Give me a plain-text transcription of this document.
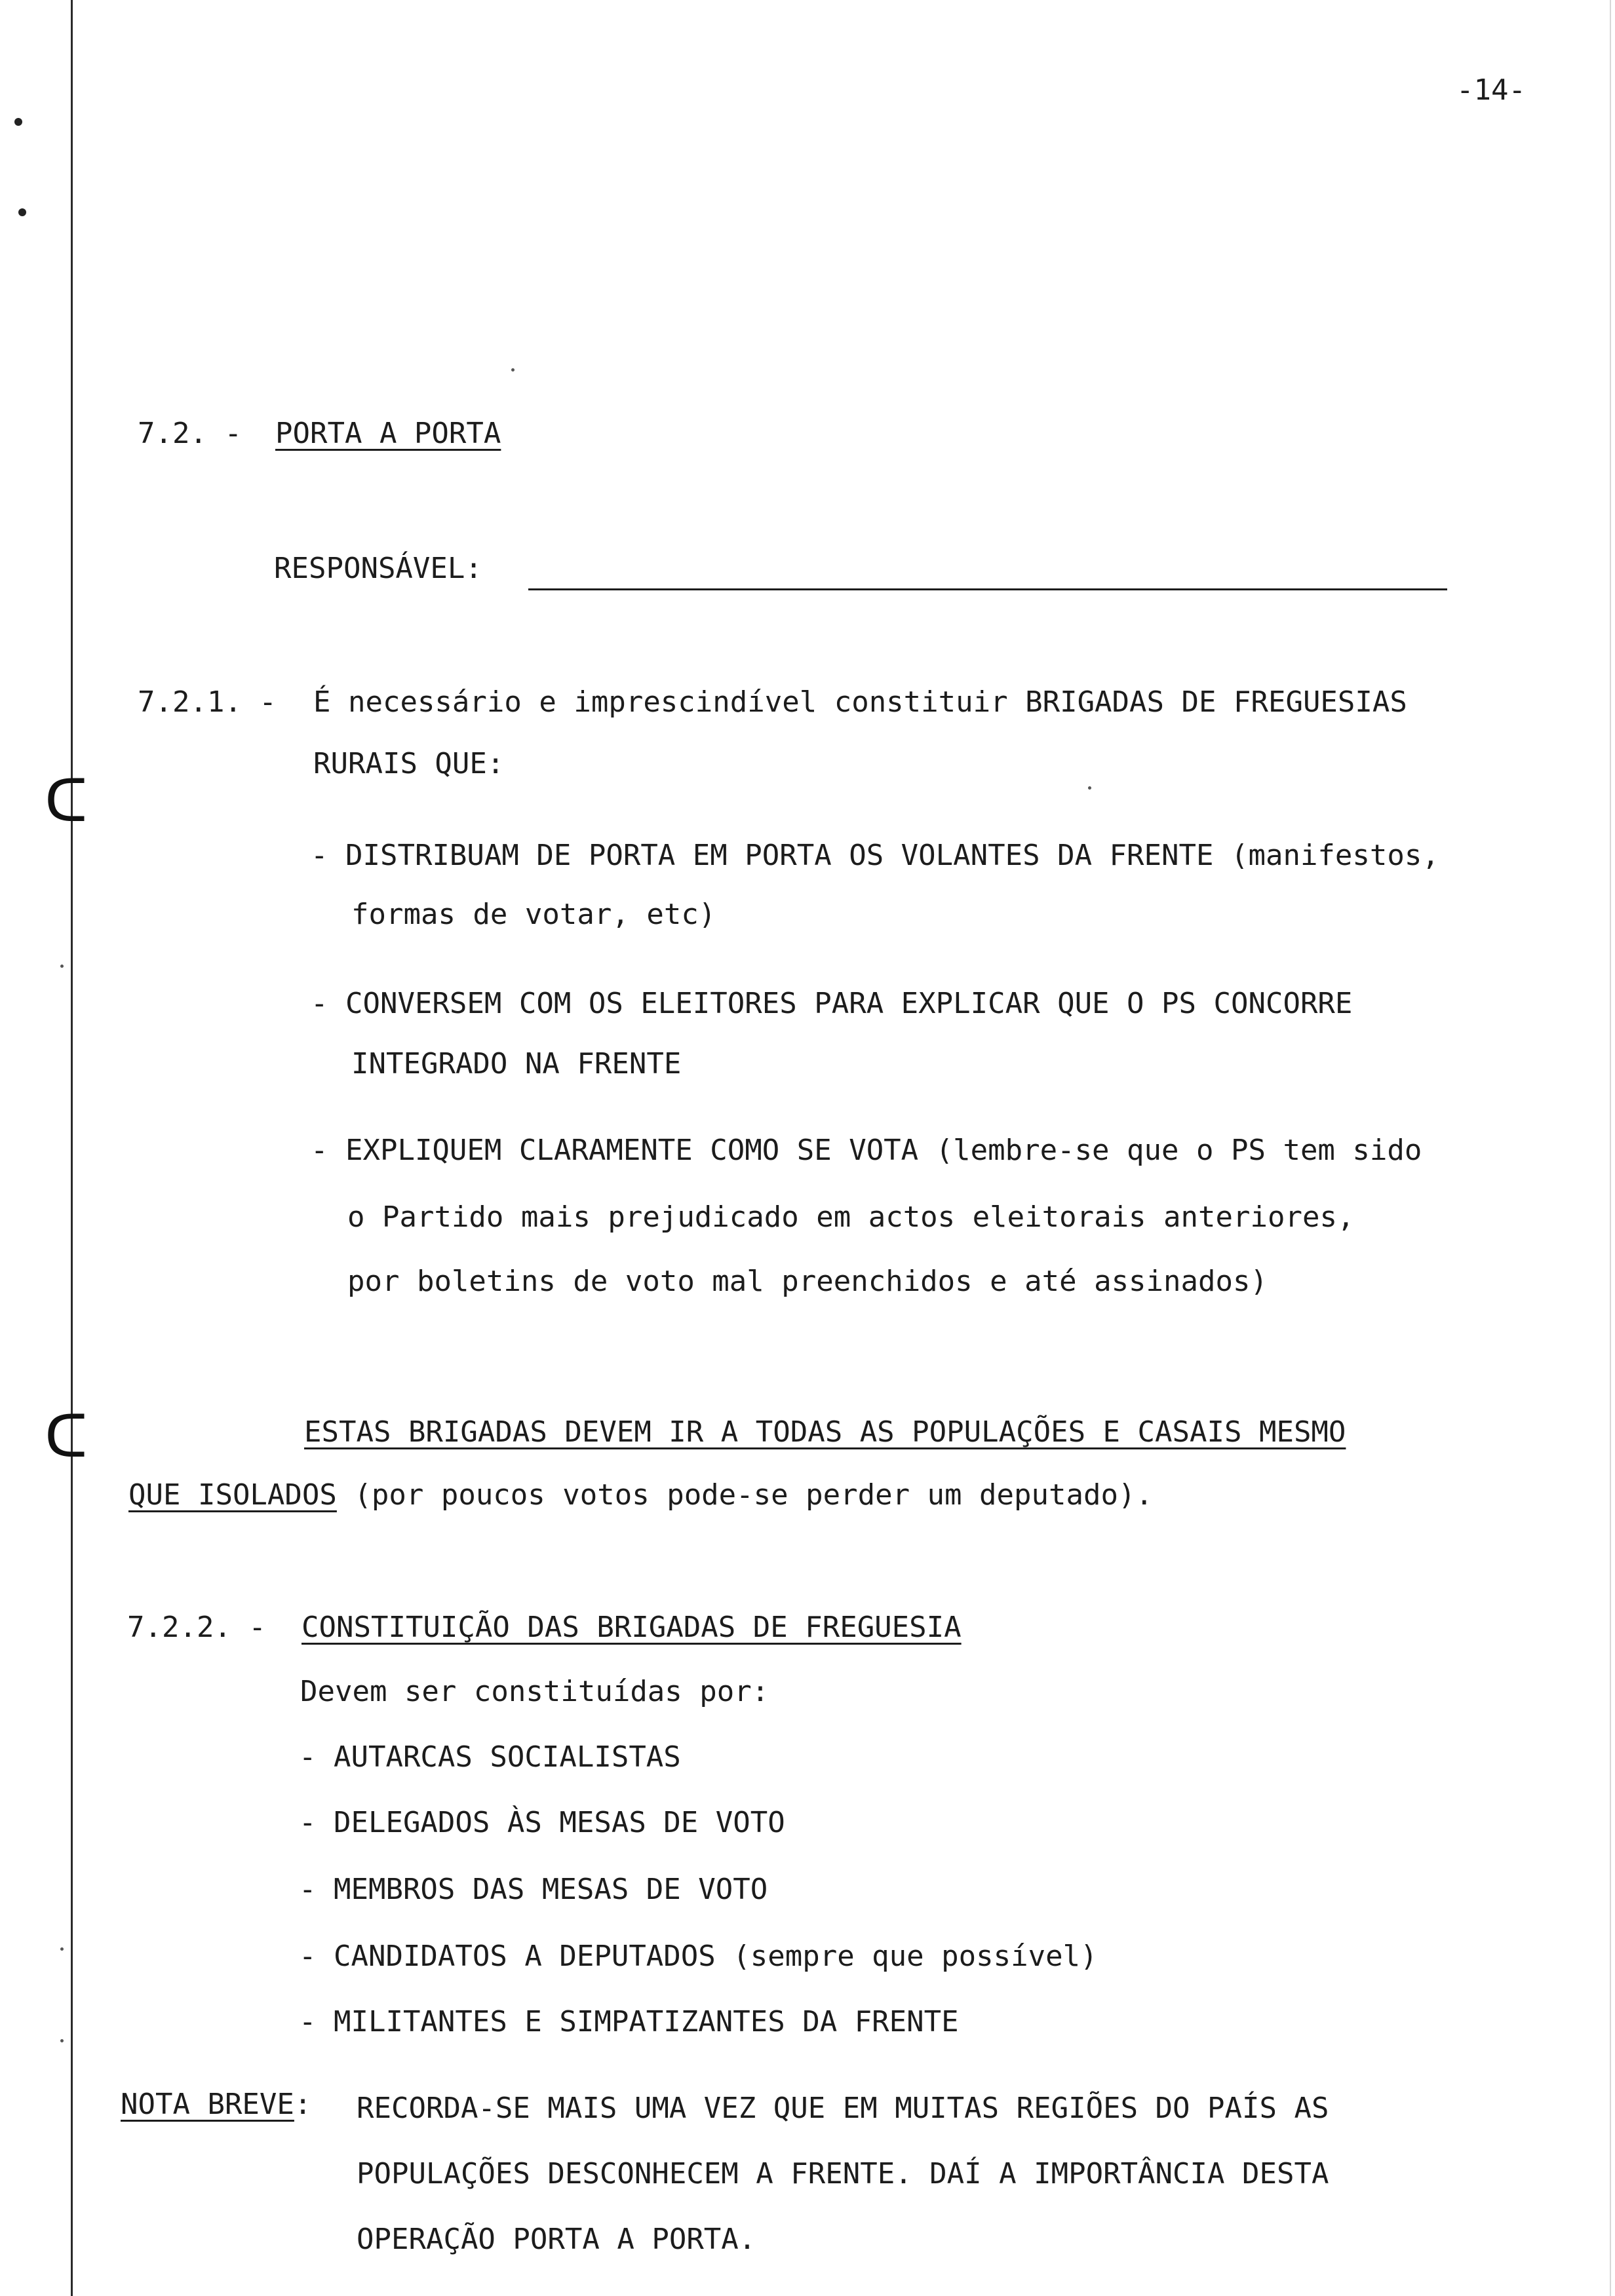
ᑕ
ᑕ
-14-
7.2. - PORTA A PORTA
RESPONSÁVEL:
7.2.1. - É necessário e imprescindível constituir BRIGADAS DE FREGUESIAS
RURAIS QUE:
- DISTRIBUAM DE PORTA EM PORTA OS VOLANTES DA FRENTE (manifestos,
formas de votar, etc)
- CONVERSEM COM OS ELEITORES PARA EXPLICAR QUE O PS CONCORRE
INTEGRADO NA FRENTE
- EXPLIQUEM CLARAMENTE COMO SE VOTA (lembre-se que o PS tem sido
o Partido mais prejudicado em actos eleitorais anteriores,
por boletins de voto mal preenchidos e até assinados)
ESTAS BRIGADAS DEVEM IR A TODAS AS POPULAÇÕES E CASAIS MESMO
QUE ISOLADOS (por poucos votos pode-se perder um deputado).
7.2.2. - CONSTITUIÇÃO DAS BRIGADAS DE FREGUESIA
Devem ser constituídas por:
- AUTARCAS SOCIALISTAS
- DELEGADOS ÀS MESAS DE VOTO
- MEMBROS DAS MESAS DE VOTO
- CANDIDATOS A DEPUTADOS (sempre que possível)
- MILITANTES E SIMPATIZANTES DA FRENTE
NOTA BREVE: RECORDA-SE MAIS UMA VEZ QUE EM MUITAS REGIÕES DO PAÍS AS
POPULAÇÕES DESCONHECEM A FRENTE. DAÍ A IMPORTÂNCIA DESTA
OPERAÇÃO PORTA A PORTA.
